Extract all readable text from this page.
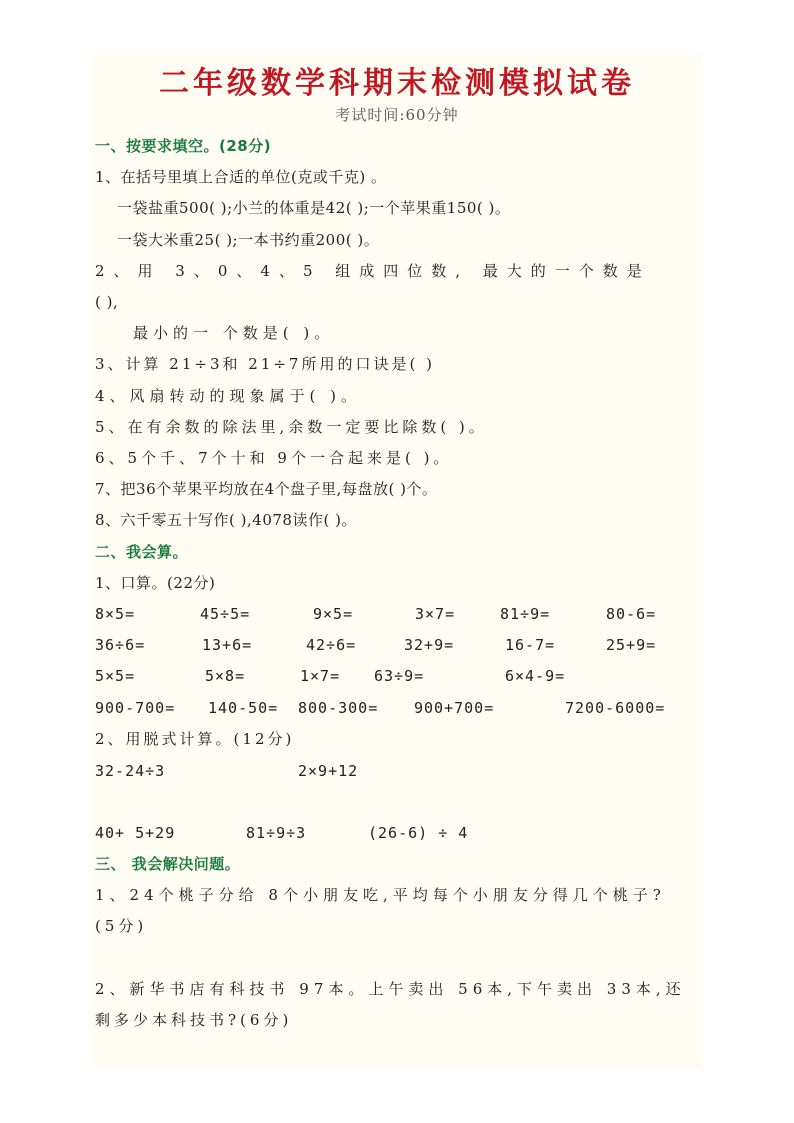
二年级数学科期末检测模拟试卷
考试时间:60分钟
一、按要求填空。(28分)
1、在括号里填上合适的单位(克或千克) 。
一袋盐重500( );小兰的体重是42( );一个苹果重150( )。
一袋大米重25( );一本书约重200( )。
2、用 3、0、4、5 组成四位数, 最大的一个数是
( ),
最小的一 个数是( )。
3、计算 21÷3和 21÷7所用的口诀是( )
4、风扇转动的现象属于( )。
5、在有余数的除法里,余数一定要比除数( )。
6、5个千、7个十和 9个一合起来是( )。
7、把36个苹果平均放在4个盘子里,每盘放( )个。
8、六千零五十写作( ),4078读作( )。
二、我会算。
1、口算。(22分)
8×5=	45÷5=	9×5=	3×7=	81÷9=	80-6=
36÷6=	13+6=	42÷6=	32+9=	16-7=	25+9=
5×5=	5×8=	1×7= 63÷9=	6×4-9=
900-700= 140-50= 800-300= 900+700=	7200-6000=
2、用脱式计算。(12分)
32-24÷3	2×9+12
40+ 5+29	81÷9÷3	(26-6) ÷ 4
三、 我会解决问题。
1、24个桃子分给 8个小朋友吃,平均每个小朋友分得几个桃子?
(5分)
2、新华书店有科技书 97本。上午卖出 56本,下午卖出 33本,还
剩多少本科技书?(6分)
